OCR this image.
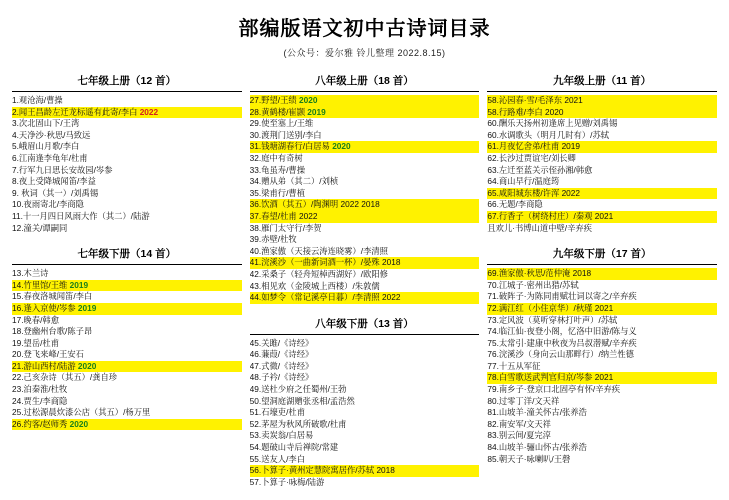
部编版语文初中古诗词目录
(公众号：爱尔雅 铃儿整理 2022.8.15)
七年级上册（12 首）
1.观沧海/曹操
2.闻王昌龄左迁龙标遥有此寄/李白 2022
3.次北固山下/王湾
4.天净沙·秋思/马致远
5.峨眉山月歌/李白
6.江南逢李龟年/杜甫
7.行军九日思长安故园/岑参
8.夜上受降城闻笛/李益
9. 秋词（其一）/刘禹锡
10.夜雨寄北/李商隐
11.十一月四日风雨大作（其二）/陆游
12.潼关/谭嗣同
七年级下册（14 首）
13.木兰诗
14.竹里馆/王维 2019
15.春夜洛城闻笛/李白
16.逢入京使/岑参 2019
17.晚春/韩愈
18.登幽州台歌/陈子昂
19.望岳/杜甫
20.登飞来峰/王安石
21.游山西村/陆游 2020
22.己亥杂诗（其五）/龚自珍
23.泊秦淮/杜牧
24.贾生/李商隐
25.过松源晨炊漆公店（其五）/杨万里
26.约客/赵师秀 2020
八年级上册（18 首）
27.野望/王绩 2020
28.黄鹤楼/崔颢 2019
29.使至塞上/王维
30.渡荆门送别/李白
31.钱塘湖春行/白居易 2020
32.庭中有奇树
33.龟虽寿/曹操
34.赠从弟（其二）/刘桢
35.梁甫行/曹植
36.饮酒（其五）/陶渊明 2022 2018
37.春望/杜甫 2022
38.雁门太守行/李贺
39.赤壁/杜牧
40.渔家傲（天接云涛连晓雾）/李清照
41.浣溪沙（一曲新词酒一杯）/晏殊 2018
42.采桑子（轻舟短棹西湖好）/欧阳修
43.相见欢（金陵城上西楼）/朱敦儒
44.如梦令（常记溪亭日暮）/李清照 2022
八年级下册（13 首）
45.关雎/《诗经》
46.蒹葭/《诗经》
47.式微/《诗经》
48.子衿/《诗经》
49.送杜少府之任蜀州/王勃
50.望洞庭湖赠张丞相/孟浩然
51.石壕吏/杜甫
52.茅屋为秋风所破歌/杜甫
53.卖炭翁/白居易
54.题破山寺后禅院/常建
55.送友人/李白
56.卜算子·黄州定慧院寓居作/苏轼 2018
57.卜算子·咏梅/陆游
九年级上册（11 首）
58.沁园春·雪/毛泽东 2021
58.行路难/李白 2020
60.酬乐天扬州初逢席上见赠/刘禹锡
60.水调歌头（明月几时有）/苏轼
61.月夜忆舍弟/杜甫 2019
62.长沙过贾谊宅/刘长卿
63.左迁至蓝关示侄孙湘/韩愈
64.商山早行/温庭筠
65.咸阳城东楼/许浑 2022
66.无题/李商隐
67.行香子（树绕村庄）/秦观 2021
且欢儿·书博山道中壁/辛弃疾
九年级下册（17 首）
69.渔家傲·秋思/范仲淹 2018
70.江城子·密州出猎/苏轼
71.破阵子·为陈同甫赋壮词以寄之/辛弃疾
72.满江红（小住京华）/秋瑾 2021
73.定风波（莫听穿林打叶声）/苏轼
74.临江仙·夜登小阁，忆洛中旧游/陈与义
75.太常引·建康中秋夜为吕叔潜赋/辛弃疾
76.浣溪沙（身向云山那畔行）/纳兰性德
77.十五从军征
78.白雪歌送武判官归京/岑参 2021
79.南乡子·登京口北固亭有怀/辛弃疾
80.过零丁洋/文天祥
81.山坡羊·潼关怀古/张养浩
82.南安军/文天祥
83.别云间/夏完淳
84.山坡羊·骊山怀古/张养浩
85.朝天子·咏喇叭/王磬
